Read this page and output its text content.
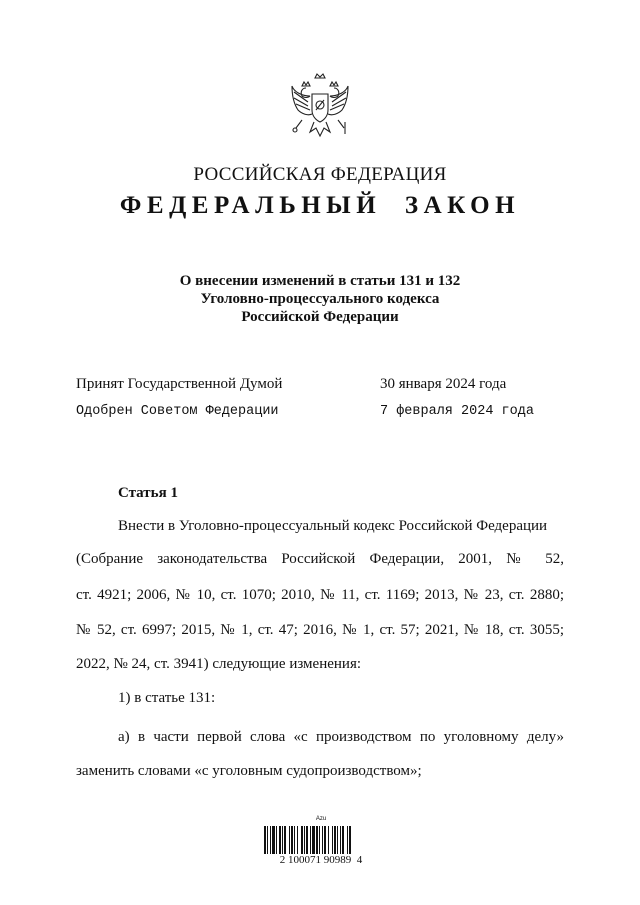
РОССИЙСКАЯ ФЕДЕРАЦИЯ
ФЕДЕРАЛЬНЫЙ ЗАКОН
О внесении изменений в статьи 131 и 132
Уголовно-процессуального кодекса
Российской Федерации
Принят Государственной Думой	30 января 2024 года
Одобрен Советом Федерации	7 февраля 2024 года
Статья 1
Внести в Уголовно-процессуальный кодекс Российской Федерации
(Собрание законодательства Российской Федерации, 2001, № 52,
ст. 4921; 2006, № 10, ст. 1070; 2010, № 11, ст. 1169; 2013, № 23, ст. 2880;
№ 52, ст. 6997; 2015, № 1, ст. 47; 2016, № 1, ст. 57; 2021, № 18, ст. 3055;
2022, № 24, ст. 3941) следующие изменения:
1) в статье 131:
а) в части первой слова «с производством по уголовному делу»
заменить словами «с уголовным судопроизводством»;
Azu
2 100071 90989  4
